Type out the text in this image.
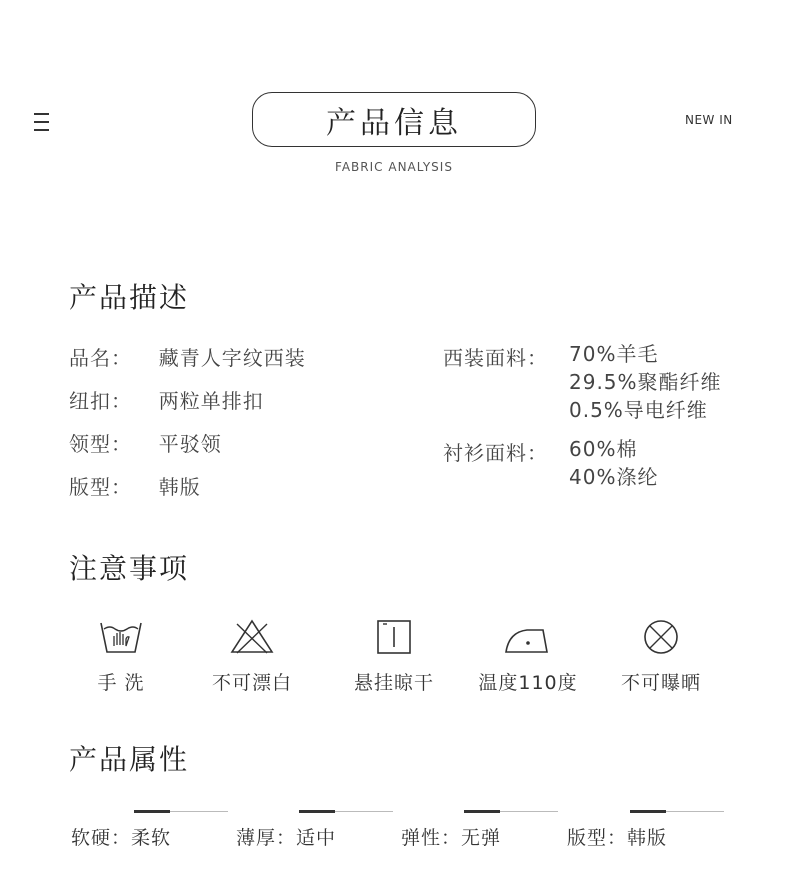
产品信息
FABRIC ANALYSIS
NEW IN
产品描述
品名： 藏青人字纹西装
纽扣： 两粒单排扣
领型： 平驳领
版型： 韩版
西装面料： 70%羊毛
29.5%聚酯纤维
0.5%导电纤维
衬衫面料： 60%棉
40%涤纶
注意事项
手 洗	不可漂白	悬挂晾干	温度110度	不可曝晒
产品属性
软硬：柔软	薄厚：适中	弹性：无弹	版型：韩版
